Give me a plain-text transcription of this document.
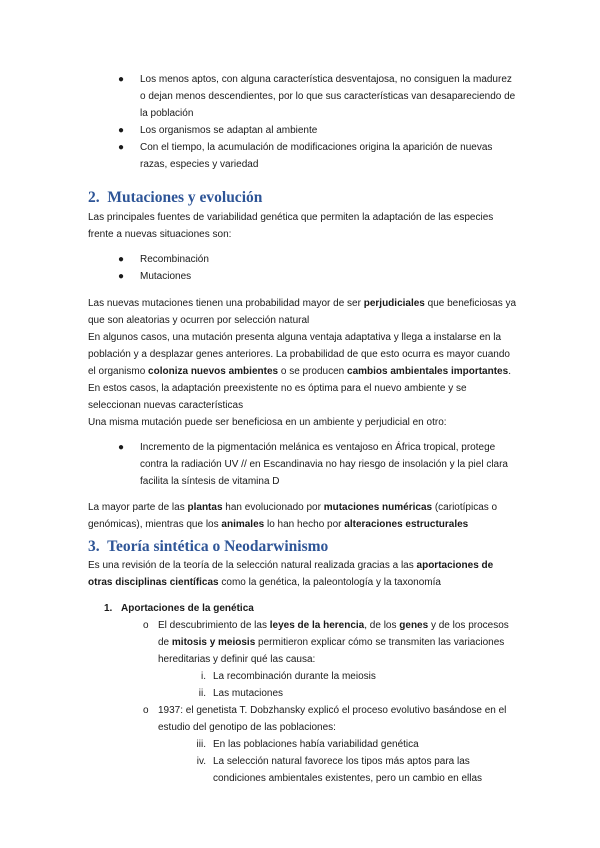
● Los menos aptos, con alguna característica desventajosa, no consiguen la madurez o dejan menos descendientes, por lo que sus características van desapareciendo de la población
● Los organismos se adaptan al ambiente
● Con el tiempo, la acumulación de modificaciones origina la aparición de nuevas razas, especies y variedad
2. Mutaciones y evolución

Las principales fuentes de variabilidad genética que permiten la adaptación de las especies frente a nuevas situaciones son:

● Recombinación
● Mutaciones

Las nuevas mutaciones tienen una probabilidad mayor de ser perjudiciales que beneficiosas ya que son aleatorias y ocurren por selección natural

En algunos casos, una mutación presenta alguna ventaja adaptativa y llega a instalarse en la población y a desplazar genes anteriores. La probabilidad de que esto ocurra es mayor cuando el organismo coloniza nuevos ambientes o se producen cambios ambientales importantes. En estos casos, la adaptación preexistente no es óptima para el nuevo ambiente y se seleccionan nuevas características

Una misma mutación puede ser beneficiosa en un ambiente y perjudicial en otro:

● Incremento de la pigmentación melánica es ventajoso en África tropical, protege contra la radiación UV // en Escandinavia no hay riesgo de insolación y la piel clara facilita la síntesis de vitamina D

La mayor parte de las plantas han evolucionado por mutaciones numéricas (cariotípicas o genómicas), mientras que los animales lo han hecho por alteraciones estructurales

3. Teoría sintética o Neodarwinismo

Es una revisión de la teoría de la selección natural realizada gracias a las aportaciones de otras disciplinas científicas como la genética, la paleontología y la taxonomía

1. Aportaciones de la genética
o El descubrimiento de las leyes de la herencia, de los genes y de los procesos de mitosis y meiosis permitieron explicar cómo se transmiten las variaciones hereditarias y definir qué las causa:
i. La recombinación durante la meiosis
ii. Las mutaciones
o 1937: el genetista T. Dobzhansky explicó el proceso evolutivo basándose en el estudio del genotipo de las poblaciones:
iii. En las poblaciones había variabilidad genética
iv. La selección natural favorece los tipos más aptos para las condiciones ambientales existentes, pero un cambio en ellas
